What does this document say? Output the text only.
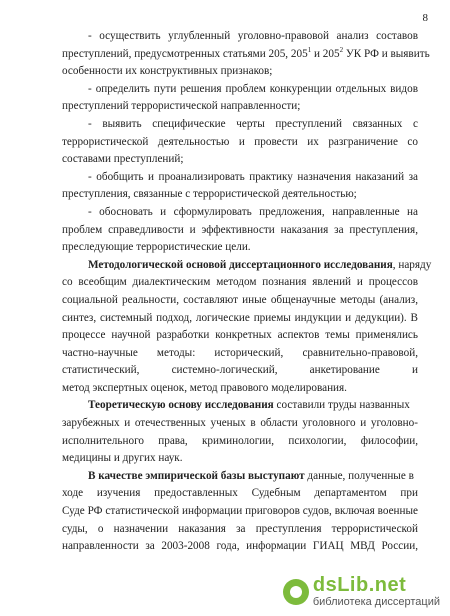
8
- осуществить углубленный уголовно-правовой анализ составов
преступлений, предусмотренных статьями 205, $205^1$ и $205^2$ УК РФ и выявить
особенности их конструктивных признаков;
- определить пути решения проблем конкуренции отдельных видов
преступлений террористической направленности;
- выявить специфические черты преступлений связанных с
террористической деятельностью и провести их разграничение со
составами преступлений;
- обобщить и проанализировать практику назначения наказаний за
преступления, связанные с террористической деятельностью;
- обосновать и сформулировать предложения, направленные на
проблем справедливости и эффективности наказания за преступления,
преследующие террористические цели.
Методологической основой диссертационного исследования, наряду
со всеобщим диалектическим методом познания явлений и процессов
социальной реальности, составляют иные общенаучные методы (анализ,
синтез, системный подход, логические приемы индукции и дедукции). В
процессе научной разработки конкретных аспектов темы применялись
частно-научные методы: исторический, сравнительно-правовой,
статистический, системно-логический, анкетирование и
метод экспертных оценок, метод правового моделирования.
Теоретическую основу исследования составили труды названных
зарубежных и отечественных ученых в области уголовного и уголовно-
исполнительного права, криминологии, психологии, философии,
медицины и других наук.
В качестве эмпирической базы выступают данные, полученные в
ходе изучения предоставленных Судебным департаментом при
Суде РФ статистической информации приговоров судов, включая военные
суды, о назначении наказания за преступления террористической
направленности за 2003-2008 года, информации ГИАЦ МВД России,
dsLib.net
библиотека диссертаций
